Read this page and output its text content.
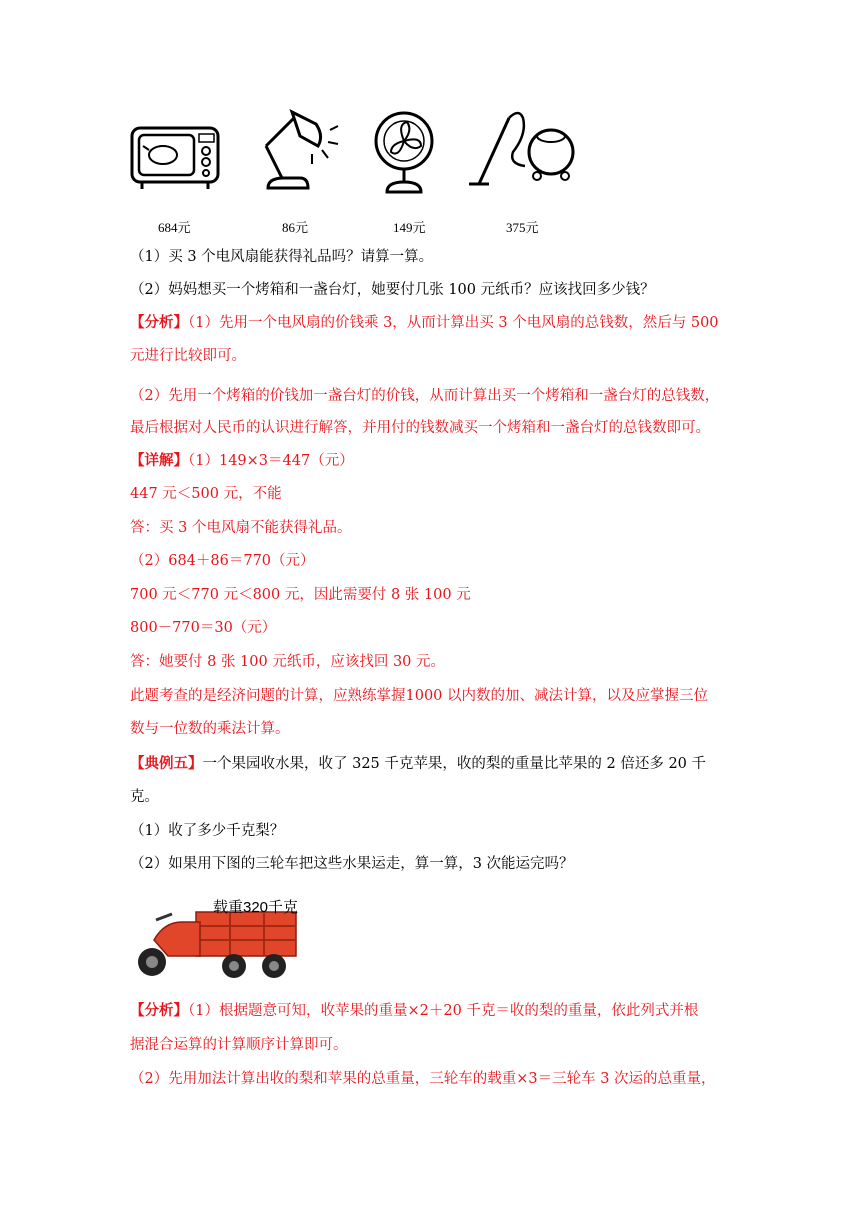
684元	86元	149元	375元
（1）买 3 个电风扇能获得礼品吗？请算一算。
（2）妈妈想买一个烤箱和一盏台灯，她要付几张 100 元纸币？应该找回多少钱？
【分析】（1）先用一个电风扇的价钱乘 3，从而计算出买 3 个电风扇的总钱数，然后与 500
元进行比较即可。
（2）先用一个烤箱的价钱加一盏台灯的价钱，从而计算出买一个烤箱和一盏台灯的总钱数，
最后根据对人民币的认识进行解答，并用付的钱数减买一个烤箱和一盏台灯的总钱数即可。
【详解】（1）149×3＝447（元）
447 元＜500 元，不能
答：买 3 个电风扇不能获得礼品。
（2）684＋86＝770（元）
700 元＜770 元＜800 元，因此需要付 8 张 100 元
800－770＝30（元）
答：她要付 8 张 100 元纸币，应该找回 30 元。
此题考查的是经济问题的计算，应熟练掌握1000 以内数的加、减法计算，以及应掌握三位
数与一位数的乘法计算。
【典例五】一个果园收水果，收了 325 千克苹果，收的梨的重量比苹果的 2 倍还多 20 千
克。
（1）收了多少千克梨？
（2）如果用下图的三轮车把这些水果运走，算一算，3 次能运完吗？
载重320千克
【分析】（1）根据题意可知，收苹果的重量×2＋20 千克＝收的梨的重量，依此列式并根
据混合运算的计算顺序计算即可。
（2）先用加法计算出收的梨和苹果的总重量，三轮车的载重×3＝三轮车 3 次运的总重量，
